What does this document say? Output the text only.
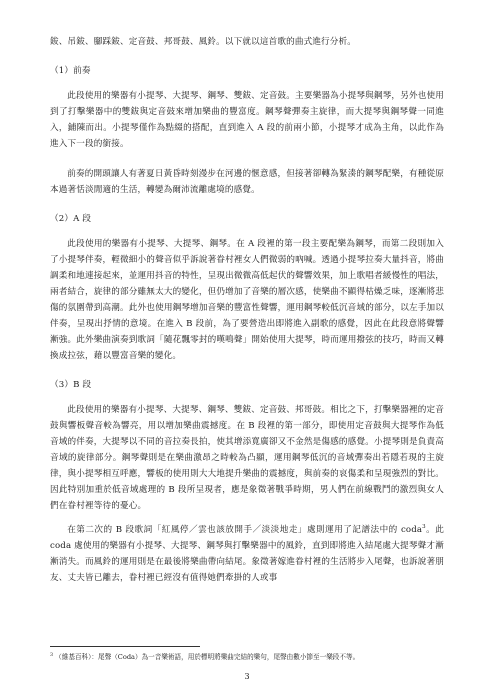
鈸、吊鈸、腳踩鈸、定音鼓、邦哥鼓、風鈴。以下就以這首歌的曲式進行分析。

（1）前奏

此段使用的樂器有小提琴、大提琴、鋼琴、雙鈸、定音鼓。主要樂器為小提琴與鋼琴，另外也使用到了打擊樂器中的雙鈸與定音鼓來增加樂曲的豐富度。鋼琴聲彈奏主旋律，而大提琴與鋼琴聲一同進入，鋪陳而出。小提琴僅作為點綴的搭配，直到進入 A 段的前兩小節，小提琴才成為主角，以此作為進入下一段的銜接。

前奏的開頭讓人有著夏日黃昏時刻漫步在河邊的愜意感，但接著卻轉為緊湊的鋼琴配樂，有種從原本過著恬淡閒適的生活，轉變為爾沛流離處境的感覺。

（2）A 段

此段使用的樂器有小提琴、大提琴、鋼琴。在 A 段裡的第一段主要配樂為鋼琴，而第二段則加入了小提琴伴奏，輕微細小的聲音似乎訴說著眷村裡女人們微弱的吶喊。透過小提琴拉奏大量抖音，將曲調柔和地連接起來，並運用抖音的特性，呈現出微微高低起伏的聲響效果，加上歌唱者緩慢性的唱法，兩者結合，旋律的部分雖無太大的變化，但仍增加了音樂的層次感，使樂曲不顯得枯燥乏味，逐漸將悲傷的氛圍帶到高潮。此外也使用鋼琴增加音樂的豐富性聲響，運用鋼琴較低沉音域的部分，以左手加以伴奏，呈現出抒情的意境。在進入 B 段前，為了要營造出即將進入副歌的感覺，因此在此段意將聲響漸強。此外樂曲演奏到歌詞「隨花飄零封的嘆鳴聲」開始使用大提琴，時而運用撥弦的技巧，時而又轉換成拉弦，藉以豐富音樂的變化。

（3）B 段

此段使用的樂器有小提琴、大提琴、鋼琴、雙鈸、定音鼓、邦哥鼓。相比之下，打擊樂器裡的定音鼓與響板聲音較為響亮，用以增加樂曲震撼度。在 B 段裡的第一部分，即使用定音鼓與大提琴作為低音域的伴奏，大提琴以不同的音拉奏長拍，使其增添寬廣卻又不金然是傷感的感覺。小提琴則是負責高音域的旋律部分。鋼琴聲則是在樂曲激昂之時較為凸顯，運用鋼琴低沉的音域彈奏出若隱若現的主旋律，與小提琴相互呼應，響板的使用則大大地提升樂曲的震撼度，與前奏的哀傷柔和呈現強烈的對比。因此特別加重於低音域處理的 B 段所呈現者，應是象徵著戰爭時期，男人們在前線戰鬥的激烈與女人們在眷村裡等待的憂心。

在第二次的 B 段歌詞「紅風停／雲也該放開手／淡淡地走」處則運用了記譜法中的 coda$^3$。此 coda 處使用的樂器有小提琴、大提琴、鋼琴與打擊樂器中的風鈴，直到即將進入結尾處大提琴聲才漸漸消失。而風鈴的運用則是在最後將樂曲帶向結尾。象徵著嫁進眷村裡的生活將步入尾聲，也訴說著朋友、丈夫皆已離去，眷村裡已經沒有值得她們牽掛的人或事

$^3$ （維基百科）：尾聲（Coda）為一音樂術語，用於標明將樂曲完結的樂句，尾聲由數小節至一樂段不等。
3
